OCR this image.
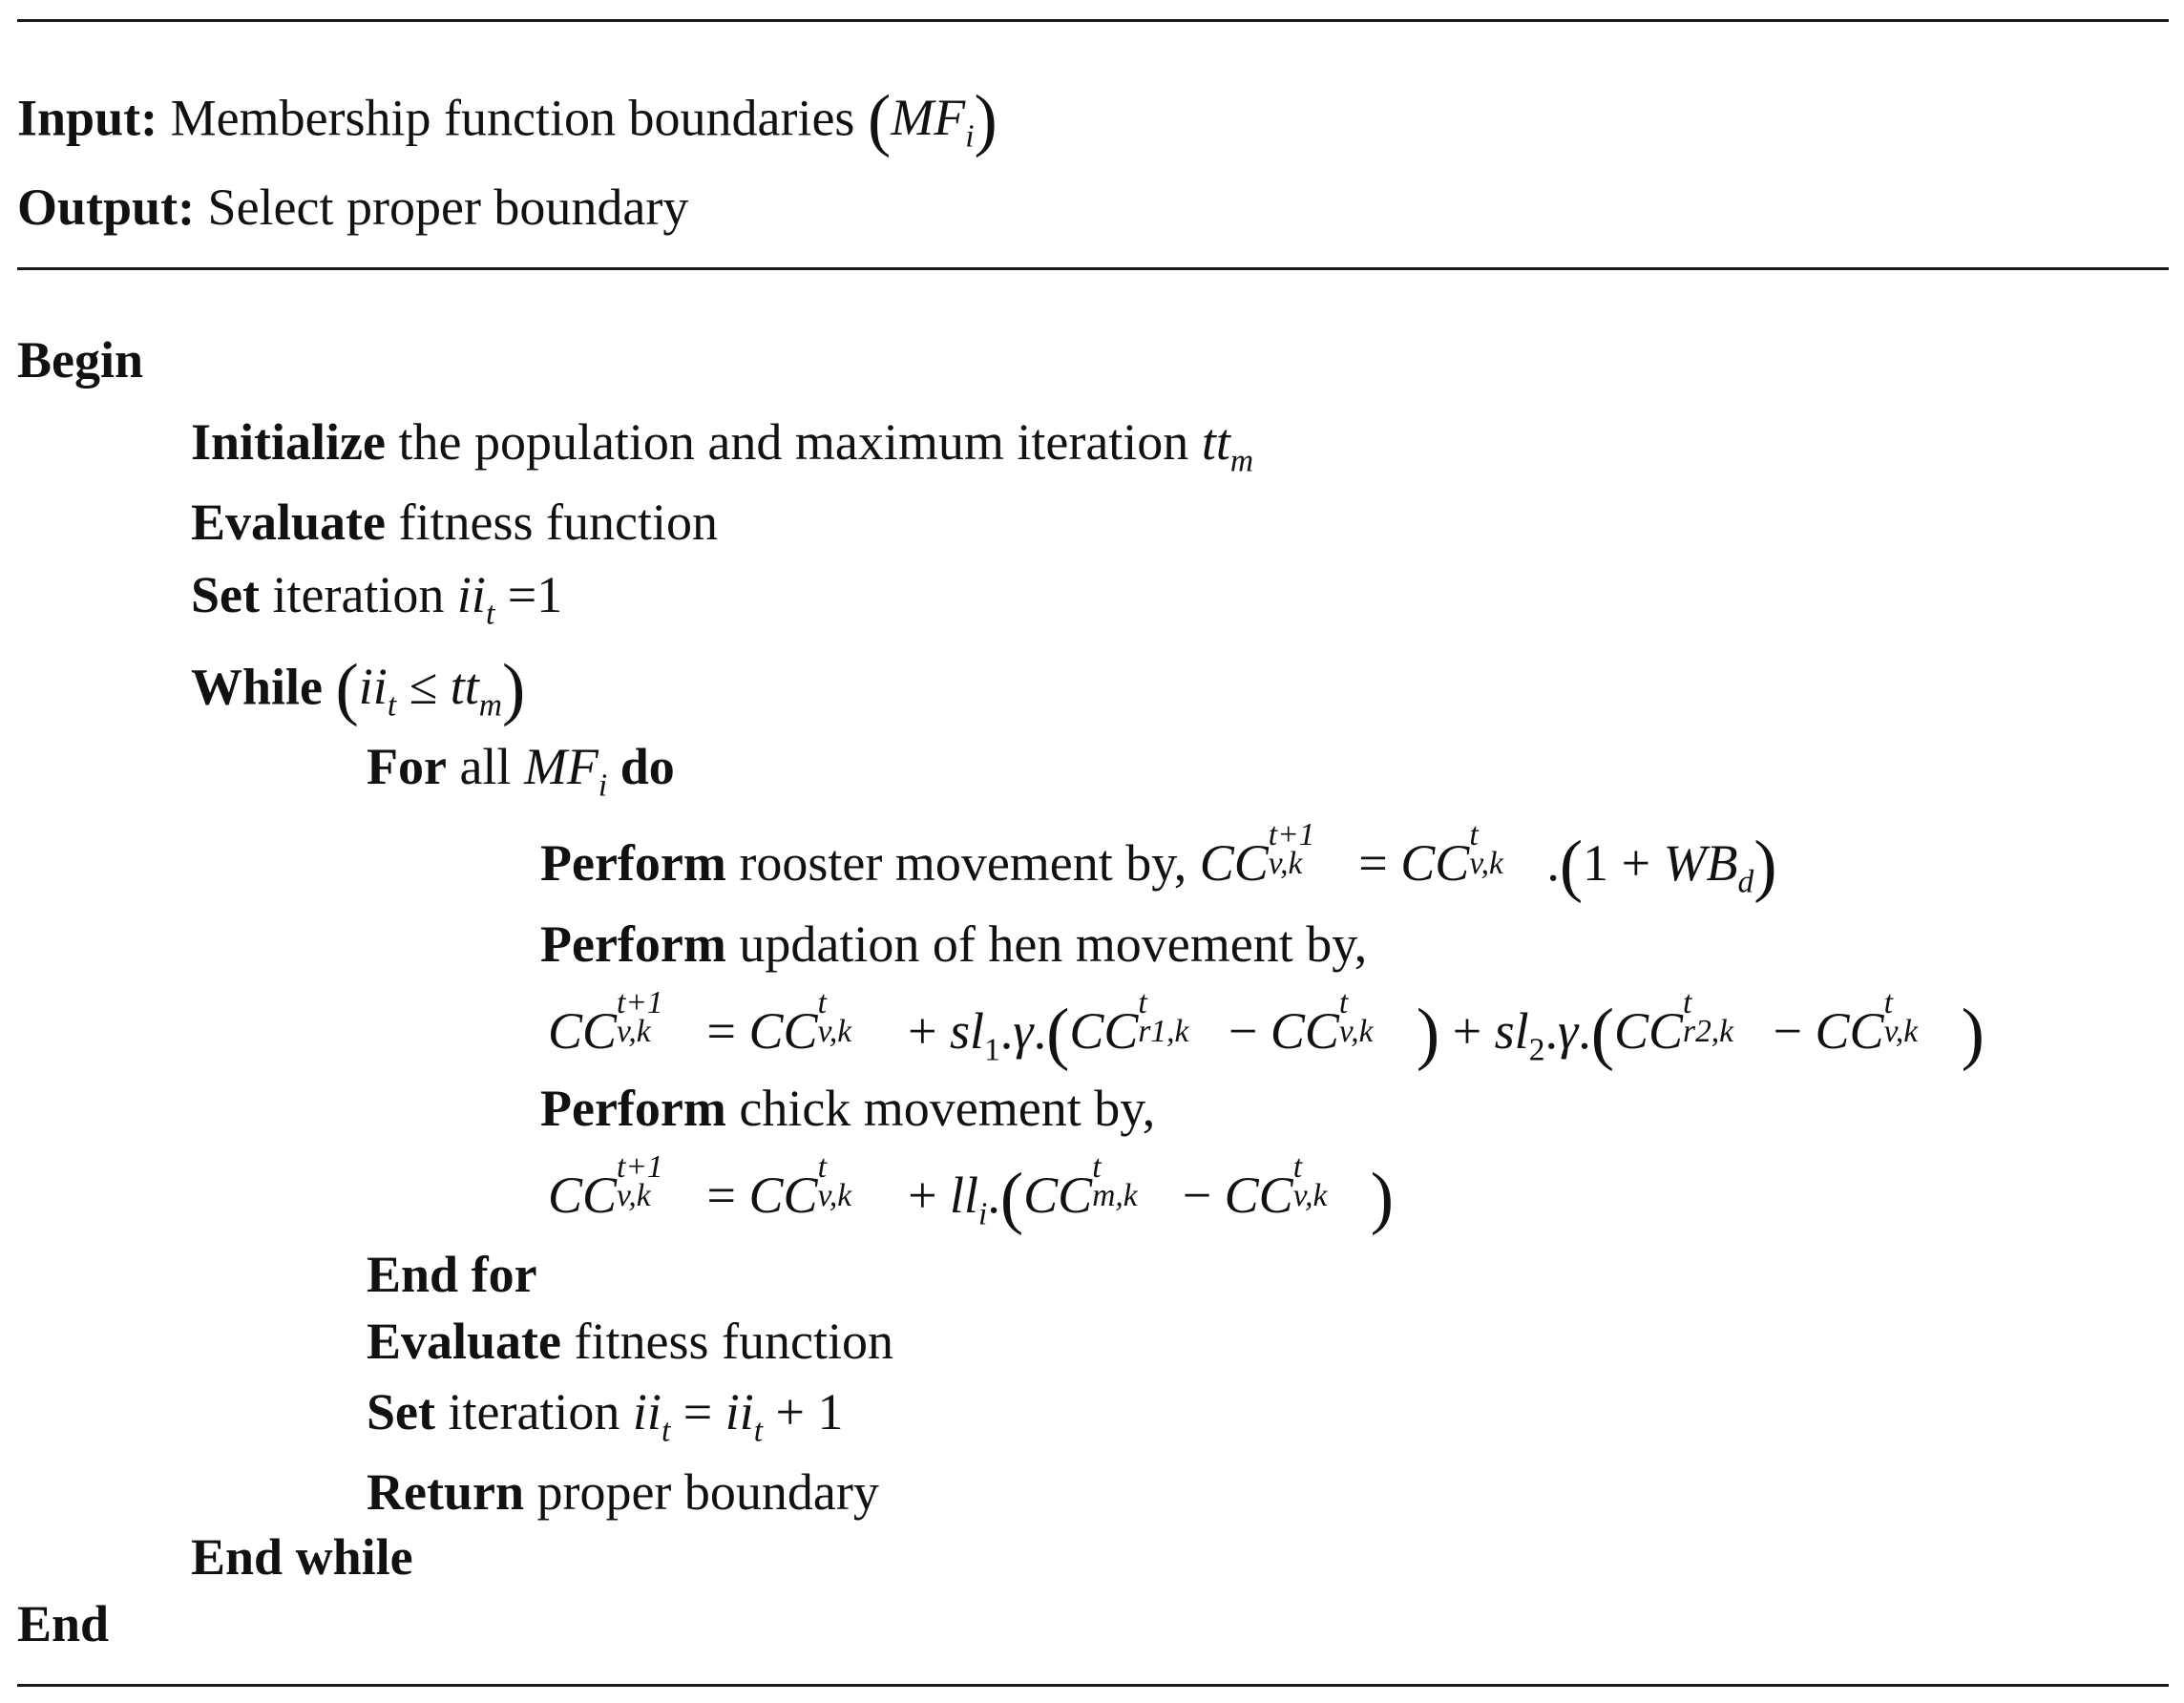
Input: Membership function boundaries $(MF_i)$
Output: Select proper boundary
Begin
Initialize the population and maximum iteration $tt_m$
Evaluate fitness function
Set iteration $ii_t =1$
While $(ii_t \le tt_m)$
For all $MF_i$ do
Perform rooster movement by, CC t+1
v,k = CC t
v,k $.(1 + WB_d)$
Perform updation of hen movement by,
CC t+1
v,k = CC t
$v,k + sl_1.\gamma.(CC$ t
r1,k − CC t
v,k ) + $sl_2.\gamma.(CC$ t
r2,k − CC t
v,k )
Perform chick movement by,
CC t+1
v,k = CC t
$v,k + ll_i.(CC$ t
m,k − CC t
v,k )
End for
Evaluate fitness function
Set iteration $ii_t = ii_t + 1$
Return proper boundary
End while
End
